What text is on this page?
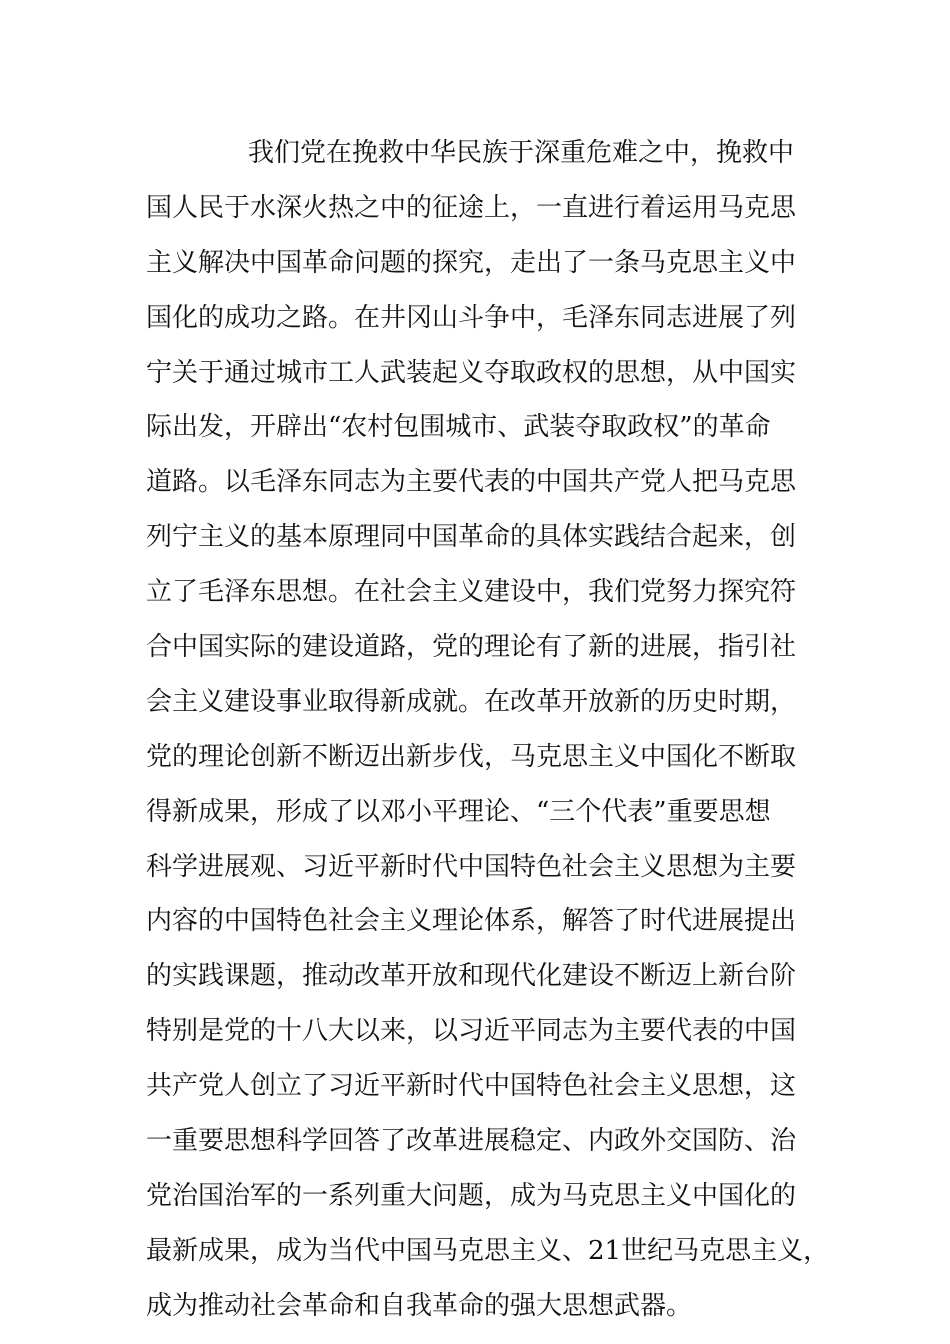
我们党在挽救中华民族于深重危难之中，挽救中
国人民于水深火热之中的征途上，一直进行着运用马克思
主义解决中国革命问题的探究，走出了一条马克思主义中
国化的成功之路。在井冈山斗争中，毛泽东同志进展了列
宁关于通过城市工人武装起义夺取政权的思想，从中国实
际出发，开辟出“农村包围城市、武装夺取政权”的革命
道路。以毛泽东同志为主要代表的中国共产党人把马克思
列宁主义的基本原理同中国革命的具体实践结合起来，创
立了毛泽东思想。在社会主义建设中，我们党努力探究符
合中国实际的建设道路，党的理论有了新的进展，指引社
会主义建设事业取得新成就。在改革开放新的历史时期，
党的理论创新不断迈出新步伐，马克思主义中国化不断取
得新成果，形成了以邓小平理论、“三个代表”重要思想
科学进展观、习近平新时代中国特色社会主义思想为主要
内容的中国特色社会主义理论体系，解答了时代进展提出
的实践课题，推动改革开放和现代化建设不断迈上新台阶
特别是党的十八大以来，以习近平同志为主要代表的中国
共产党人创立了习近平新时代中国特色社会主义思想，这
一重要思想科学回答了改革进展稳定、内政外交国防、治
党治国治军的一系列重大问题，成为马克思主义中国化的
最新成果，成为当代中国马克思主义、21世纪马克思主义，
成为推动社会革命和自我革命的强大思想武器。
